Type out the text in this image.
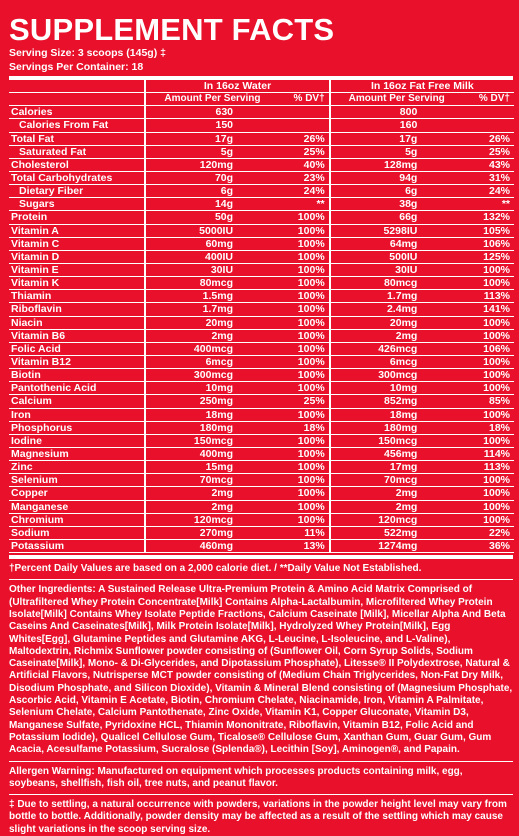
SUPPLEMENT FACTS
Serving Size: 3 scoops (145g) ‡
Servings Per Container: 18
	In 16oz Water		In 16oz Fat Free Milk	
	Amount Per Serving	% DV†	Amount Per Serving	% DV†
Calories	630		800	
Calories From Fat	150		160	
Total Fat	17g	26%	17g	26%
Saturated Fat	5g	25%	5g	25%
Cholesterol	120mg	40%	128mg	43%
Total Carbohydrates	70g	23%	94g	31%
Dietary Fiber	6g	24%	6g	24%
Sugars	14g	**	38g	**
Protein	50g	100%	66g	132%
Vitamin A	5000IU	100%	5298IU	105%
Vitamin C	60mg	100%	64mg	106%
Vitamin D	400IU	100%	500IU	125%
Vitamin E	30IU	100%	30IU	100%
Vitamin K	80mcg	100%	80mcg	100%
Thiamin	1.5mg	100%	1.7mg	113%
Riboflavin	1.7mg	100%	2.4mg	141%
Niacin	20mg	100%	20mg	100%
Vitamin B6	2mg	100%	2mg	100%
Folic Acid	400mcg	100%	426mcg	106%
Vitamin B12	6mcg	100%	6mcg	100%
Biotin	300mcg	100%	300mcg	100%
Pantothenic Acid	10mg	100%	10mg	100%
Calcium	250mg	25%	852mg	85%
Iron	18mg	100%	18mg	100%
Phosphorus	180mg	18%	180mg	18%
Iodine	150mcg	100%	150mcg	100%
Magnesium	400mg	100%	456mg	114%
Zinc	15mg	100%	17mg	113%
Selenium	70mcg	100%	70mcg	100%
Copper	2mg	100%	2mg	100%
Manganese	2mg	100%	2mg	100%
Chromium	120mcg	100%	120mcg	100%
Sodium	270mg	11%	522mg	22%
Potassium	460mg	13%	1274mg	36%

†Percent Daily Values are based on a 2,000 calorie diet. / **Daily Value Not Established.

Other Ingredients: A Sustained Release Ultra-Premium Protein & Amino Acid Matrix Comprised of (Ultrafiltered Whey Protein Concentrate[Milk] Contains Alpha-Lactalbumin, Microfiltered Whey Protein Isolate[Milk] Contains Whey Isolate Peptide Fractions, Calcium Caseinate [Milk], Micellar Alpha And Beta Caseins And Caseinates[Milk], Milk Protein Isolate[Milk], Hydrolyzed Whey Protein[Milk], Egg Whites[Egg], Glutamine Peptides and Glutamine AKG, L-Leucine, L-Isoleucine, and L-Valine), Maltodextrin, Richmix Sunflower powder consisting of (Sunflower Oil, Corn Syrup Solids, Sodium Caseinate[Milk], Mono- & Di-Glycerides, and Dipotassium Phosphate), Litesse® II Polydextrose, Natural & Artificial Flavors, Nutrisperse MCT powder consisting of (Medium Chain Triglycerides, Non-Fat Dry Milk, Disodium Phosphate, and Silicon Dioxide), Vitamin & Mineral Blend consisting of (Magnesium Phosphate, Ascorbic Acid, Vitamin E Acetate, Biotin, Chromium Chelate, Niacinamide, Iron, Vitamin A Palmitate, Selenium Chelate, Calcium Pantothenate, Zinc Oxide, Vitamin K1, Copper Gluconate, Vitamin D3, Manganese Sulfate, Pyridoxine HCL, Thiamin Mononitrate, Riboflavin, Vitamin B12, Folic Acid and Potassium Iodide), Qualicel Cellulose Gum, Ticalose® Cellulose Gum, Xanthan Gum, Guar Gum, Gum Acacia, Acesulfame Potassium, Sucralose (Splenda®), Lecithin [Soy], Aminogen®, and Papain.

Allergen Warning: Manufactured on equipment which processes products containing milk, egg, soybeans, shellfish, fish oil, tree nuts, and peanut flavor.

‡ Due to settling, a natural occurrence with powders, variations in the powder height level may vary from bottle to bottle. Additionally, powder density may be affected as a result of the settling which may cause slight variations in the scoop serving size.
